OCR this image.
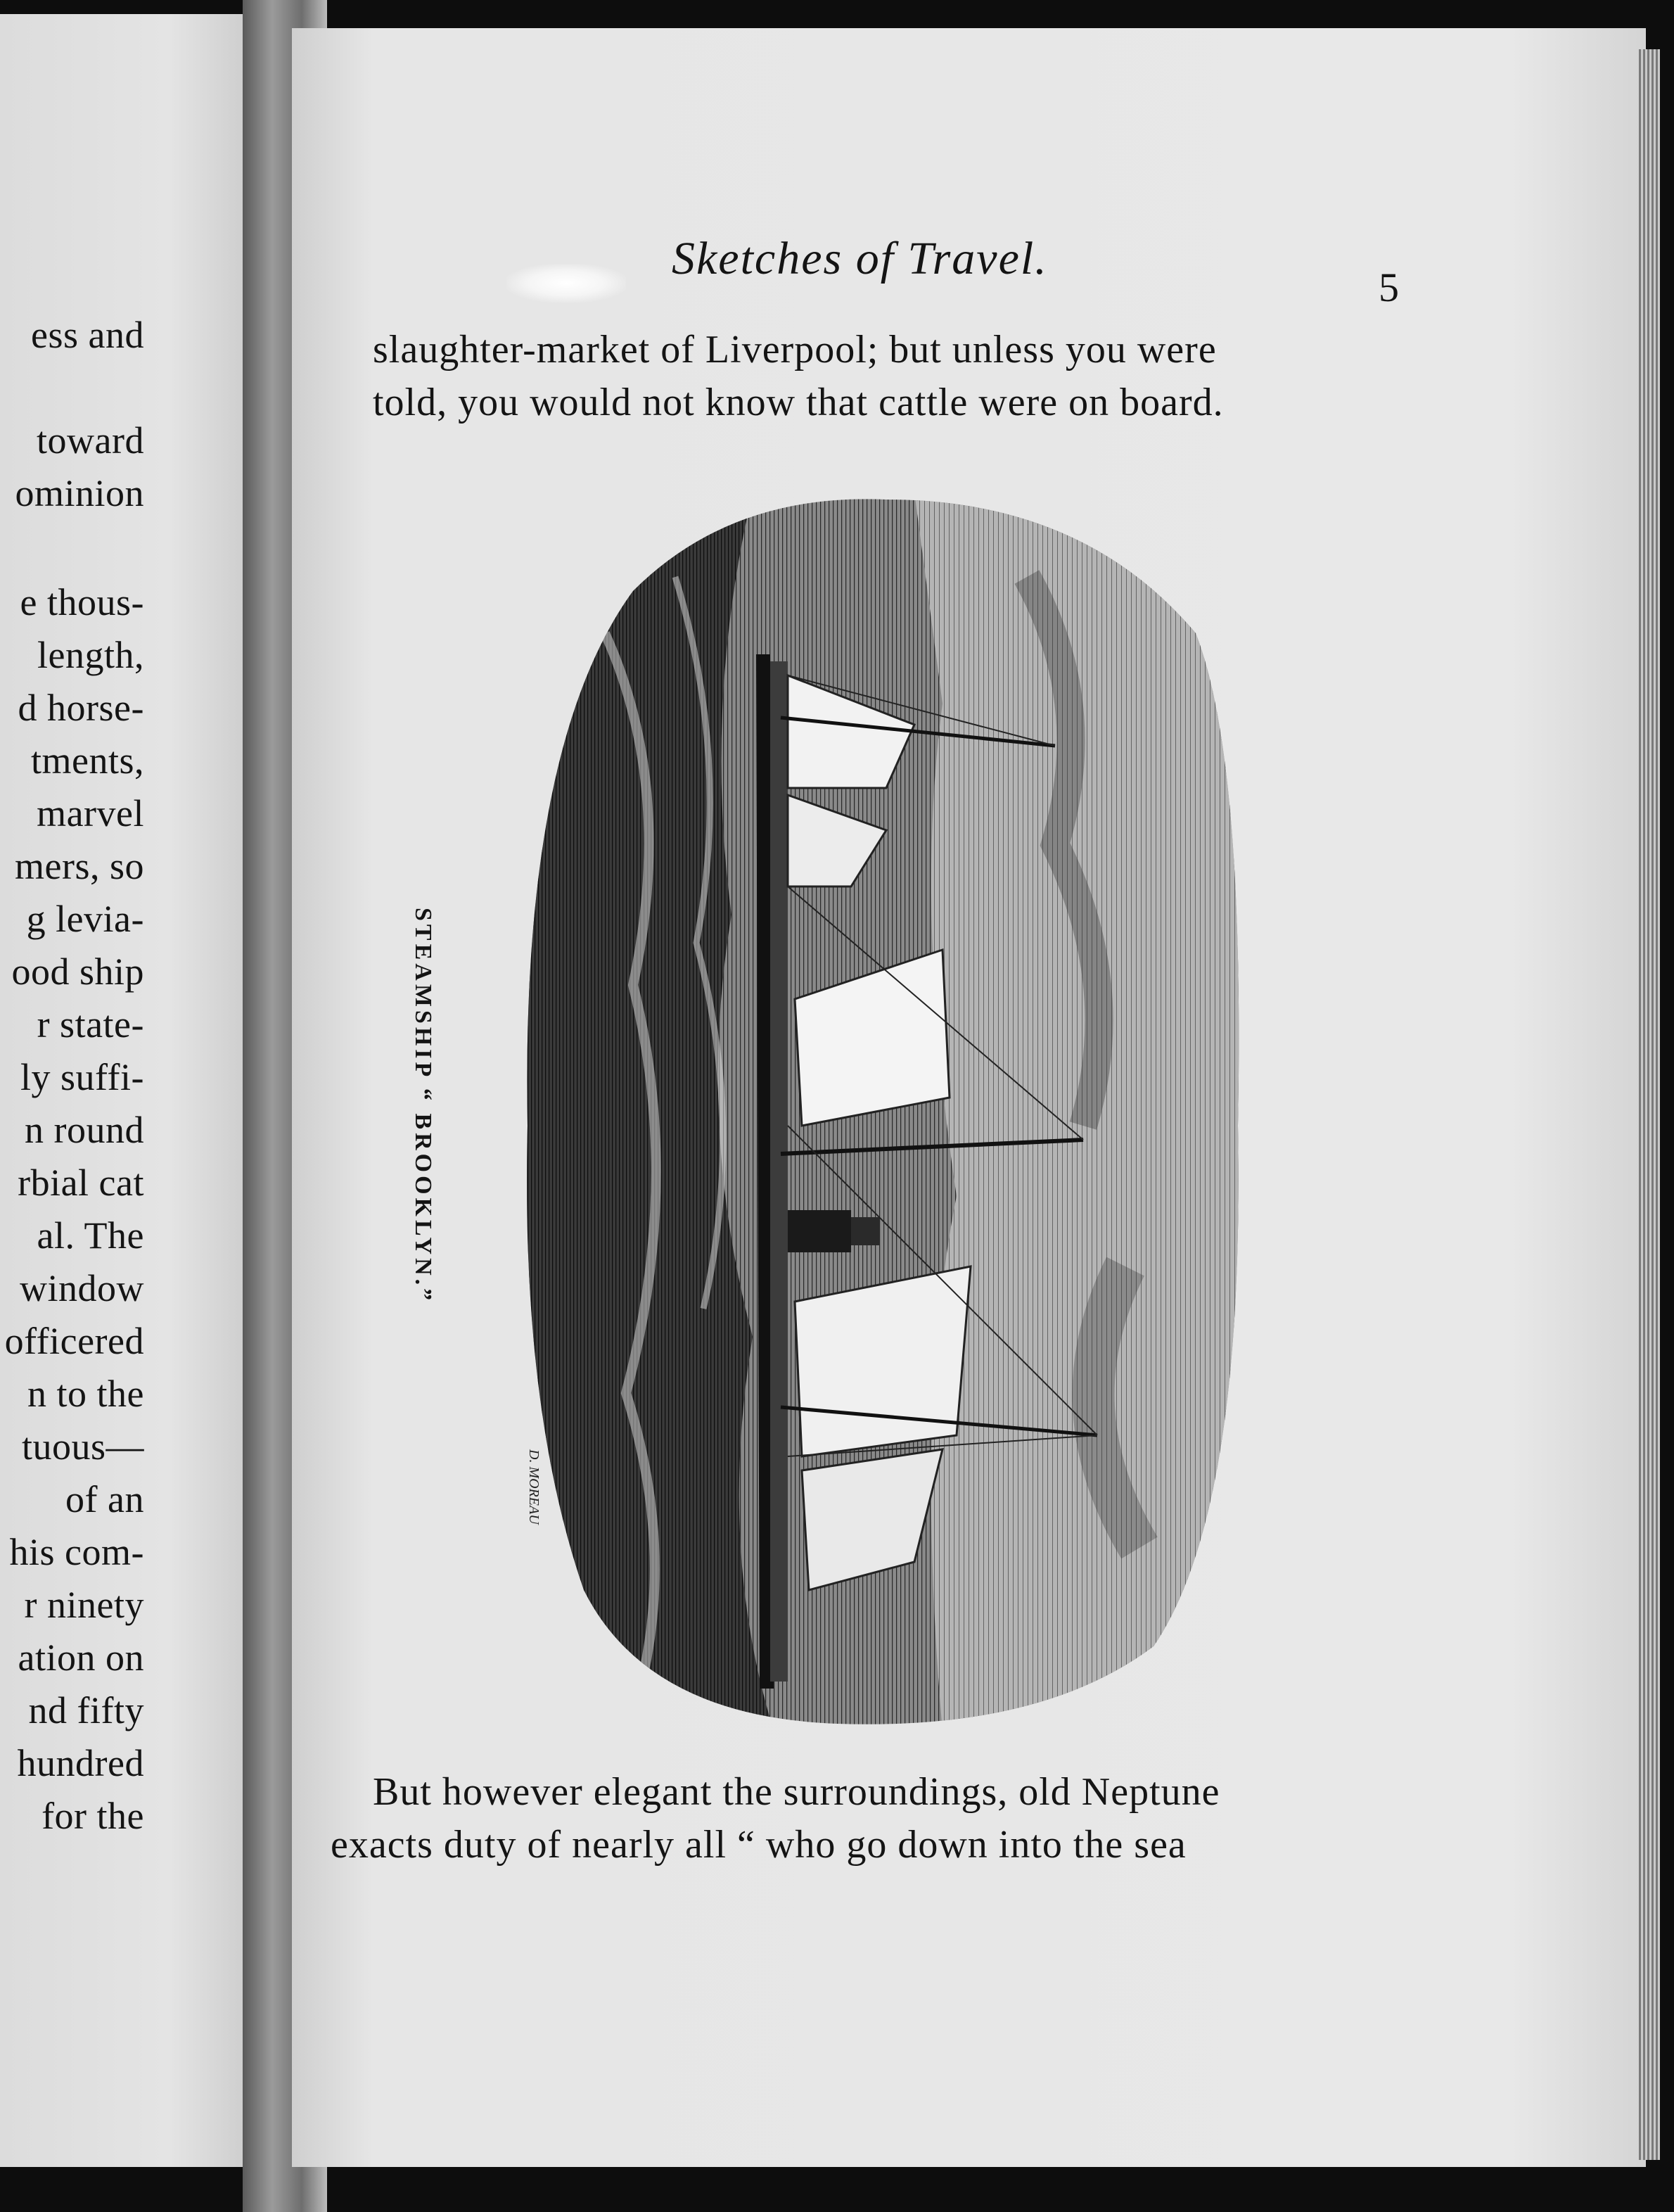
ess and
toward
ominion
e thous-
length,
d horse-
tments,
marvel
mers, so
g levia-
ood ship
r state-
ly suffi-
n round
rbial cat
al. The
window
officered
n to the
tuous—
of an
his com-
r ninety
ation on
nd fifty
hundred
for the
Sketches of Travel.
5
slaughter-market of Liverpool; but unless you were
told, you would not know that cattle were on board.
STEAMSHIP “ BROOKLYN.”
D. MOREAU
But however elegant the surroundings, old Neptune
exacts duty of nearly all “ who go down into the sea
